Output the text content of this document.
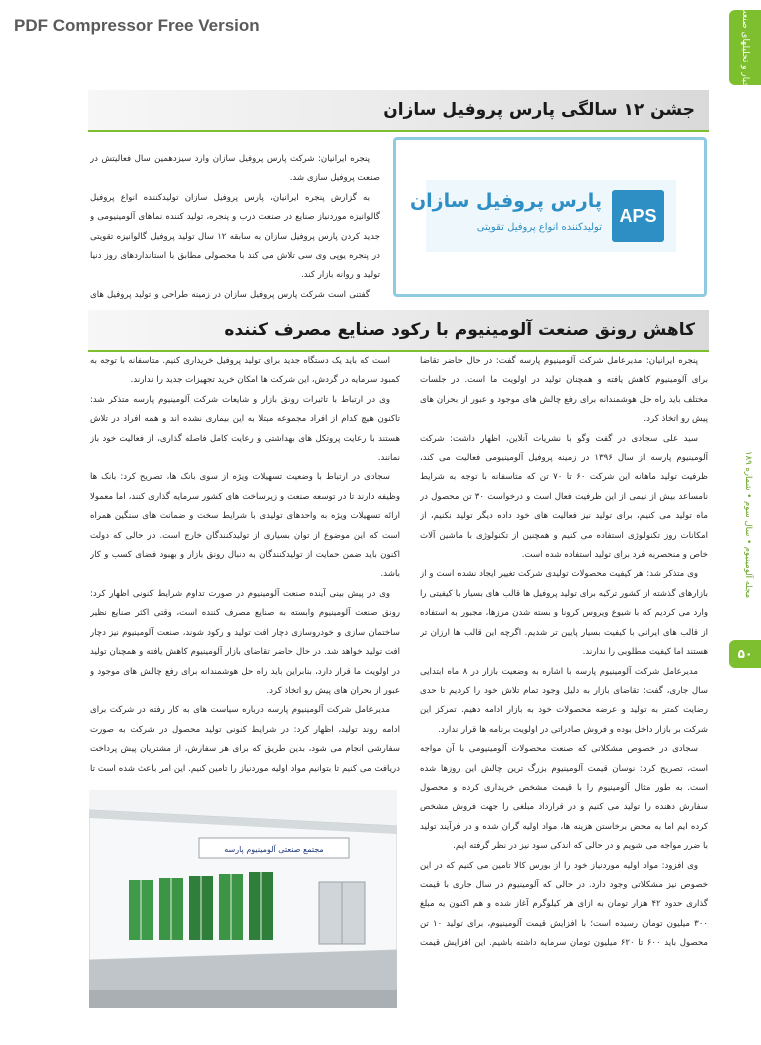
PDF Compressor Free Version	اخبار و تحلیلهای صنعت
مجله آلومینیوم • سال سوم • شماره ۱۸۹
۵۰
جشن ۱۲ سالگی پارس پروفیل سازان

پنجره ایرانیان: شرکت پارس پروفیل سازان وارد سیزدهمین سال فعالیتش در صنعت پروفیل سازی شد.

به گزارش پنجره ایرانیان، پارس پروفیل سازان تولیدکننده انواع پروفیل گالوانیزه موردنیاز صنایع در صنعت درب و پنجره، تولید کننده نماهای آلومینیومی و جدید کردن پارس پروفیل سازان به سابقه ۱۲ سال تولید پروفیل گالوانیزه تقویتی در پنجره یوپی وی سی تلاش می کند با محصولی مطابق با استانداردهای روز دنیا تولید و روانه بازار کند.

گفتنی است شرکت پارس پروفیل سازان در زمینه طراحی و تولید پروفیل های

APS
پارس پروفیل سازان
تولیدکننده انواع پروفیل تقویتی
کاهش رونق صنعت آلومینیوم با رکود صنایع مصرف کننده

پنجره ایرانیان: مدیرعامل شرکت آلومینیوم پارسه گفت: در حال حاضر تقاضا برای آلومینیوم کاهش یافته و همچنان تولید در اولویت ما است. در جلسات مختلف باید راه حل هوشمندانه برای رفع چالش های موجود و عبور از بحران های پیش رو اتخاذ کرد.

سید علی سجادی در گفت وگو با نشریات آنلاین، اظهار داشت: شرکت آلومینیوم پارسه از سال ۱۳۹۶ در زمینه پروفیل آلومینیومی فعالیت می کند، ظرفیت تولید ماهانه این شرکت ۶۰ تا ۷۰ تن که متاسفانه با توجه به شرایط نامساعد بیش از نیمی از این ظرفیت فعال است و درخواست ۳۰ تن محصول در ماه تولید می کنیم، برای تولید نیز فعالیت های خود داده دیگر تولید نکنیم، از امکانات روز تکنولوژی استفاده می کنیم و همچنین از تکنولوژی با ماشین آلات خاص و منحصربه فرد برای تولید استفاده شده است.

وی متذکر شد: هر کیفیت محصولات تولیدی شرکت تغییر ایجاد نشده است و از بازارهای گذشته از کشور ترکیه برای تولید پروفیل ها قالب های بسیار با کیفیتی را وارد می کردیم که با شیوع ویروس کرونا و بسته شدن مرزها، مجبور به استفاده از قالب های ایرانی با کیفیت بسیار پایین تر شدیم. اگرچه این قالب ها ارزان تر هستند اما کیفیت مطلوبی را ندارند.

مدیرعامل شرکت آلومینیوم پارسه با اشاره به وضعیت بازار در ۸ ماه ابتدایی سال جاری، گفت: تقاضای بازار به دلیل وجود تمام تلاش خود را کردیم تا حدی رضایت کمتر به تولید و عرضه محصولات خود به بازار ادامه دهیم. تمرکز این شرکت بر بازار داخل بوده و فروش صادراتی در اولویت برنامه ها قرار ندارد.

سجادی در خصوص مشکلاتی که صنعت محصولات آلومینیومی با آن مواجه است، تصریح کرد: نوسان قیمت آلومینیوم بزرگ ترین چالش این روزها شده است. به طور مثال آلومینیوم را با قیمت مشخص خریداری کرده و محصول سفارش دهنده را تولید می کنیم و در قرارداد مبلغی را جهت فروش مشخص کرده ایم اما به محض برخاستن هزینه ها، مواد اولیه گران شده و در فرآیند تولید با ضرر مواجه می شویم و در حالی که اندکی سود نیز در نظر گرفته ایم.

وی افزود: مواد اولیه موردنیاز خود را از بورس کالا تامین می کنیم که در این خصوص نیز مشکلاتی وجود دارد. در حالی که آلومینیوم در سال جاری با قیمت گذاری حدود ۴۲ هزار تومان به ازای هر کیلوگرم آغاز شده و هم اکنون به مبلغ ۳۰۰ میلیون تومان رسیده است؛ با افزایش قیمت آلومینیوم، برای تولید ۱۰ تن محصول باید ۶۰۰ تا ۶۲۰ میلیون تومان سرمایه داشته باشیم. این افزایش قیمت

است که باید یک دستگاه جدید برای تولید پروفیل خریداری کنیم. متاسفانه با توجه به کمبود سرمایه در گردش، این شرکت ها امکان خرید تجهیزات جدید را ندارند.

وی در ارتباط با تاثیرات رونق بازار و شایعات شرکت آلومینیوم پارسه متذکر شد: تاکنون هیچ کدام از افراد مجموعه مبتلا به این بیماری نشده اند و همه افراد در تلاش هستند با رعایت پروتکل های بهداشتی و رعایت کامل فاصله گذاری، از فعالیت خود باز نمانند.

سجادی در ارتباط با وضعیت تسهیلات ویژه از سوی بانک ها، تصریح کرد: بانک ها وظیفه دارند تا در توسعه صنعت و زیرساخت های کشور سرمایه گذاری کنند، اما معمولا ارائه تسهیلات ویژه به واحدهای تولیدی با شرایط سخت و ضمانت های سنگین همراه است که این موضوع از توان بسیاری از تولیدکنندگان خارج است. در حالی که دولت اکنون باید ضمن حمایت از تولیدکنندگان به دنبال رونق بازار و بهبود فضای کسب و کار باشد.

وی در پیش بینی آینده صنعت آلومینیوم در صورت تداوم شرایط کنونی اظهار کرد: رونق صنعت آلومینیوم وابسته به صنایع مصرف کننده است، وقتی اکثر صنایع نظیر ساختمان سازی و خودروسازی دچار افت تولید و رکود شوند، صنعت آلومینیوم نیز دچار افت تولید خواهد شد. در حال حاضر تقاضای بازار آلومینیوم کاهش یافته و همچنان تولید در اولویت ما قرار دارد، بنابراین باید راه حل هوشمندانه برای رفع چالش های موجود و عبور از بحران های پیش رو اتخاذ کرد.

مدیرعامل شرکت آلومینیوم پارسه درباره سیاست های به کار رفته در شرکت برای ادامه روند تولید، اظهار کرد: در شرایط کنونی تولید محصول در شرکت به صورت سفارشی انجام می شود، بدین طریق که برای هر سفارش، از مشتریان پیش پرداخت دریافت می کنیم تا بتوانیم مواد اولیه موردنیاز را تامین کنیم. این امر باعث شده است تا

مجتمع صنعتی آلومینیوم پارسه
